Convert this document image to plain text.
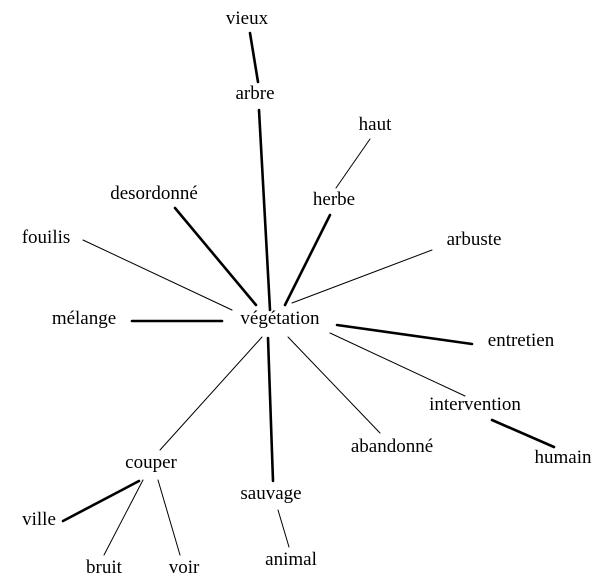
végétation
vieux
arbre
haut
herbe
desordonné
fouilis	arbuste
mélange
entretien
intervention
humain
abandonné
couper
ville
bruit voir
sauvage
animal
